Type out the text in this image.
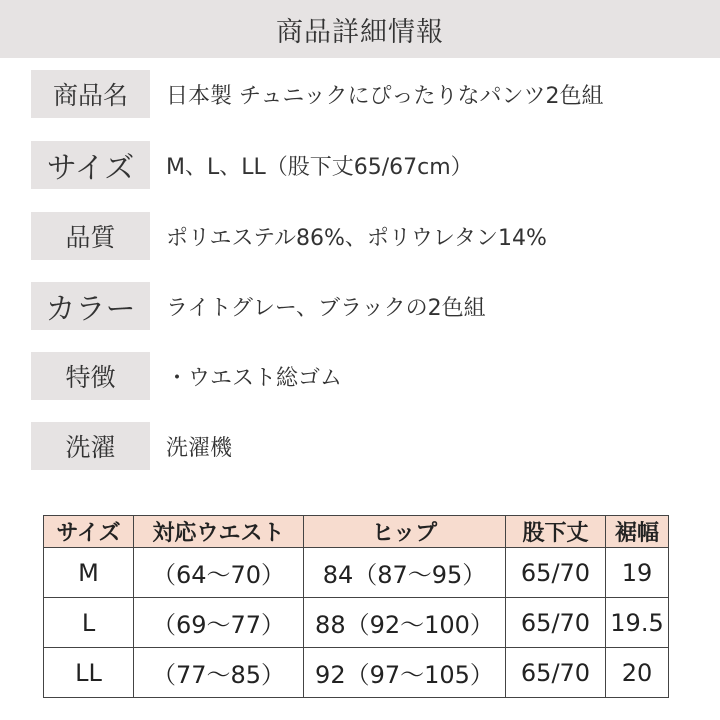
商品詳細情報
商品名	日本製 チュニックにぴったりなパンツ2色組
サイズ	M、L、LL（股下丈65/67cm）
品質	ポリエステル86%、ポリウレタン14%
カラー	ライトグレー、ブラックの2色組
特徴	・ウエスト総ゴム
洗濯	洗濯機
サイズ	対応ウエスト	ヒップ	股下丈	裾幅
M	（64〜70）	84（87〜95）	65/70	19
L	（69〜77）	88（92〜100）	65/70	19.5
LL	（77〜85）	92（97〜105）	65/70	20
